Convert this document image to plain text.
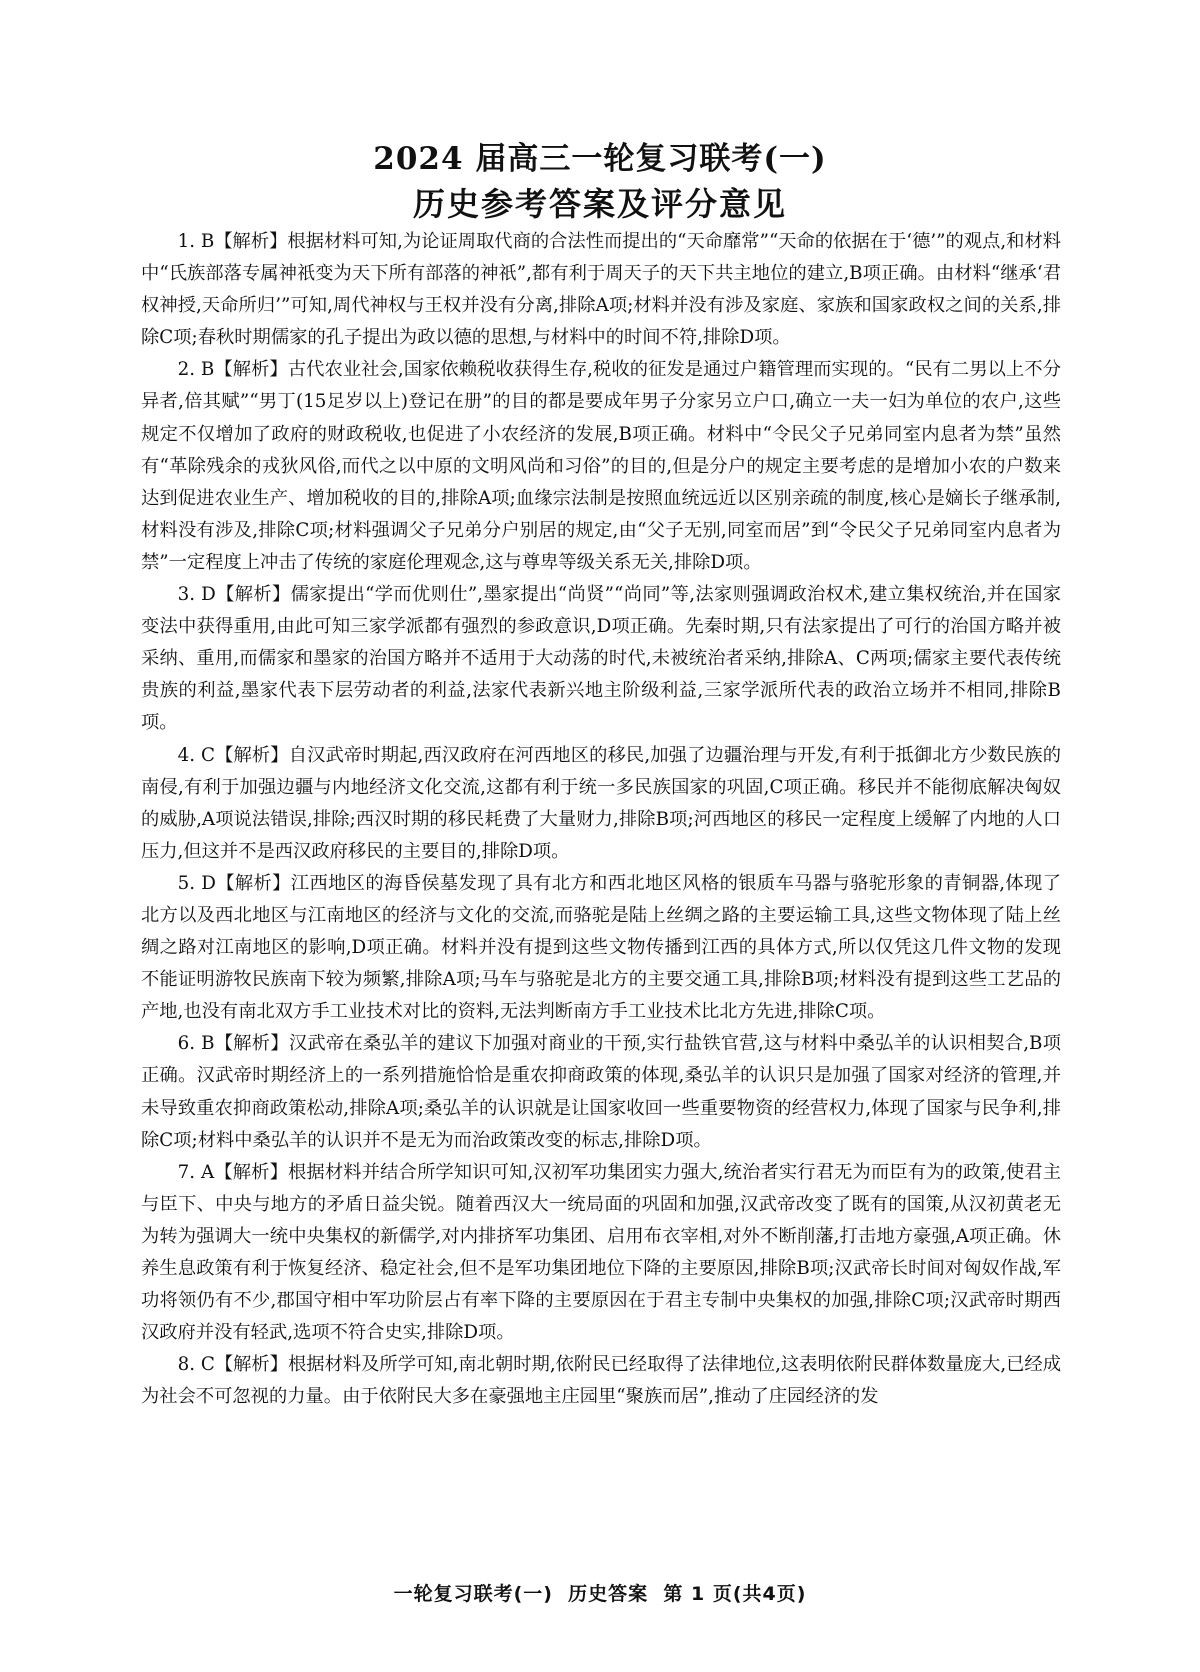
2024 届高三一轮复习联考(一)
历史参考答案及评分意见

1. B【解析】根据材料可知,为论证周取代商的合法性而提出的“天命靡常”“天命的依据在于‘德’”的观点,和材料中“氏族部落专属神祇变为天下所有部落的神祇”,都有利于周天子的天下共主地位的建立,B项正确。由材料“继承‘君权神授,天命所归’”可知,周代神权与王权并没有分离,排除A项;材料并没有涉及家庭、家族和国家政权之间的关系,排除C项;春秋时期儒家的孔子提出为政以德的思想,与材料中的时间不符,排除D项。

2. B【解析】古代农业社会,国家依赖税收获得生存,税收的征发是通过户籍管理而实现的。“民有二男以上不分异者,倍其赋”“男丁(15足岁以上)登记在册”的目的都是要成年男子分家另立户口,确立一夫一妇为单位的农户,这些规定不仅增加了政府的财政税收,也促进了小农经济的发展,B项正确。材料中“令民父子兄弟同室内息者为禁”虽然有“革除残余的戎狄风俗,而代之以中原的文明风尚和习俗”的目的,但是分户的规定主要考虑的是增加小农的户数来达到促进农业生产、增加税收的目的,排除A项;血缘宗法制是按照血统远近以区别亲疏的制度,核心是嫡长子继承制,材料没有涉及,排除C项;材料强调父子兄弟分户别居的规定,由“父子无别,同室而居”到“令民父子兄弟同室内息者为禁”一定程度上冲击了传统的家庭伦理观念,这与尊卑等级关系无关,排除D项。

3. D【解析】儒家提出“学而优则仕”,墨家提出“尚贤”“尚同”等,法家则强调政治权术,建立集权统治,并在国家变法中获得重用,由此可知三家学派都有强烈的参政意识,D项正确。先秦时期,只有法家提出了可行的治国方略并被采纳、重用,而儒家和墨家的治国方略并不适用于大动荡的时代,未被统治者采纳,排除A、C两项;儒家主要代表传统贵族的利益,墨家代表下层劳动者的利益,法家代表新兴地主阶级利益,三家学派所代表的政治立场并不相同,排除B项。

4. C【解析】自汉武帝时期起,西汉政府在河西地区的移民,加强了边疆治理与开发,有利于抵御北方少数民族的南侵,有利于加强边疆与内地经济文化交流,这都有利于统一多民族国家的巩固,C项正确。移民并不能彻底解决匈奴的威胁,A项说法错误,排除;西汉时期的移民耗费了大量财力,排除B项;河西地区的移民一定程度上缓解了内地的人口压力,但这并不是西汉政府移民的主要目的,排除D项。

5. D【解析】江西地区的海昏侯墓发现了具有北方和西北地区风格的银质车马器与骆驼形象的青铜器,体现了北方以及西北地区与江南地区的经济与文化的交流,而骆驼是陆上丝绸之路的主要运输工具,这些文物体现了陆上丝绸之路对江南地区的影响,D项正确。材料并没有提到这些文物传播到江西的具体方式,所以仅凭这几件文物的发现不能证明游牧民族南下较为频繁,排除A项;马车与骆驼是北方的主要交通工具,排除B项;材料没有提到这些工艺品的产地,也没有南北双方手工业技术对比的资料,无法判断南方手工业技术比北方先进,排除C项。

6. B【解析】汉武帝在桑弘羊的建议下加强对商业的干预,实行盐铁官营,这与材料中桑弘羊的认识相契合,B项正确。汉武帝时期经济上的一系列措施恰恰是重农抑商政策的体现,桑弘羊的认识只是加强了国家对经济的管理,并未导致重农抑商政策松动,排除A项;桑弘羊的认识就是让国家收回一些重要物资的经营权力,体现了国家与民争利,排除C项;材料中桑弘羊的认识并不是无为而治政策改变的标志,排除D项。

7. A【解析】根据材料并结合所学知识可知,汉初军功集团实力强大,统治者实行君无为而臣有为的政策,使君主与臣下、中央与地方的矛盾日益尖锐。随着西汉大一统局面的巩固和加强,汉武帝改变了既有的国策,从汉初黄老无为转为强调大一统中央集权的新儒学,对内排挤军功集团、启用布衣宰相,对外不断削藩,打击地方豪强,A项正确。休养生息政策有利于恢复经济、稳定社会,但不是军功集团地位下降的主要原因,排除B项;汉武帝长时间对匈奴作战,军功将领仍有不少,郡国守相中军功阶层占有率下降的主要原因在于君主专制中央集权的加强,排除C项;汉武帝时期西汉政府并没有轻武,选项不符合史实,排除D项。

8. C【解析】根据材料及所学可知,南北朝时期,依附民已经取得了法律地位,这表明依附民群体数量庞大,已经成为社会不可忽视的力量。由于依附民大多在豪强地主庄园里“聚族而居”,推动了庄园经济的发

一轮复习联考(一)  历史答案  第 1 页(共4页)
